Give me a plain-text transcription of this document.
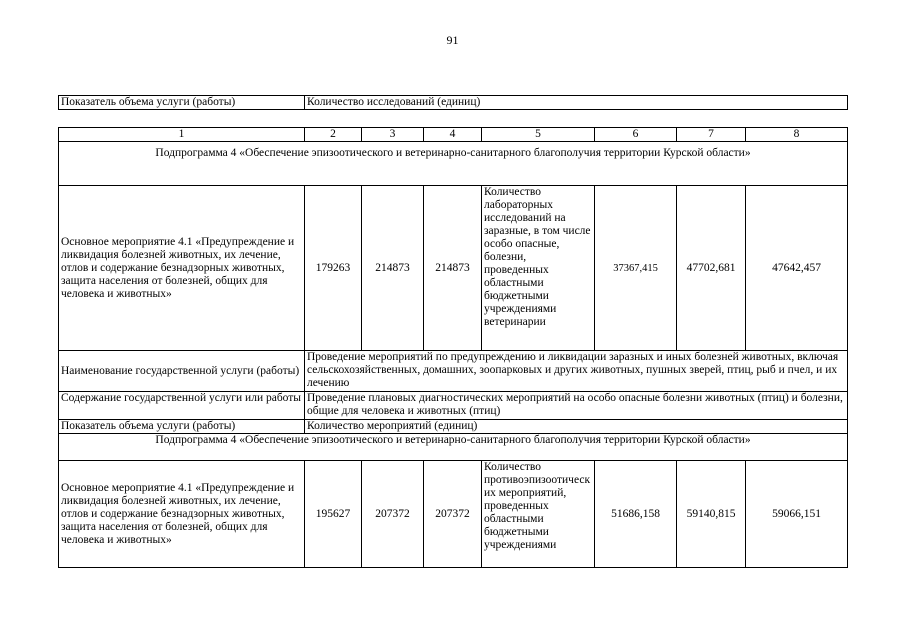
91
Показатель объема услуги (работы)	Количество исследований (единиц)
1	2	3	4	5	6	7	8
Подпрограмма 4 «Обеспечение эпизоотического и ветеринарно-санитарного благополучия территории Курской области»							
Основное мероприятие 4.1 «Предупреждение и ликвидация болезней животных, их лечение, отлов и содержание безнадзорных животных, защита населения от болезней, общих для человека и животных»	179263	214873	214873	Количество лабораторных исследований на заразные, в том числе особо опасные, болезни, проведенных областными бюджетными учреждениями ветеринарии	37367,415	47702,681	47642,457
Наименование государственной услуги (работы)	Проведение мероприятий по предупреждению и ликвидации заразных и иных болезней животных, включая сельскохозяйственных, домашних, зоопарковых и других животных, пушных зверей, птиц, рыб и пчел, и их лечению						
Содержание государственной услуги или работы	Проведение плановых диагностических мероприятий на особо опасные болезни животных (птиц) и болезни, общие для человека и животных (птиц)						
Показатель объема услуги (работы)	Количество мероприятий (единиц)						
Подпрограмма 4 «Обеспечение эпизоотического и ветеринарно-санитарного благополучия территории Курской области»							
Основное мероприятие 4.1 «Предупреждение и ликвидация болезней животных, их лечение, отлов и содержание безнадзорных животных, защита населения от болезней, общих для человека и животных»	195627	207372	207372	Количество противоэпизоотических мероприятий, проведенных областными бюджетными учреждениями	51686,158	59140,815	59066,151
